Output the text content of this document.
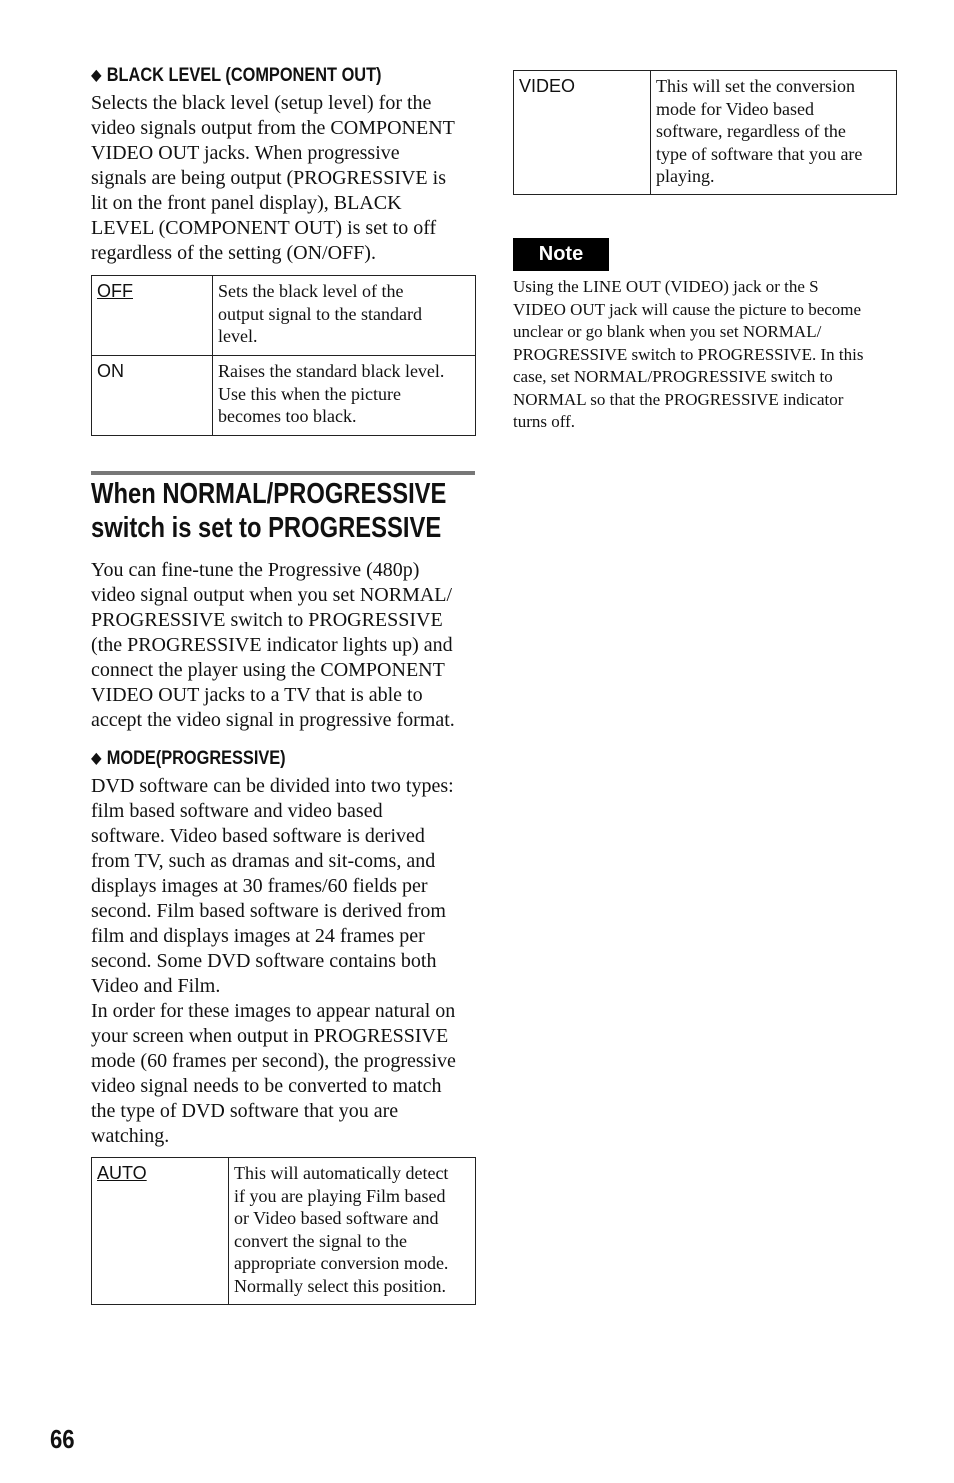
◆ BLACK LEVEL (COMPONENT OUT)
Selects the black level (setup level) for the
video signals output from the COMPONENT
VIDEO OUT jacks. When progressive
signals are being output (PROGRESSIVE is
lit on the front panel display), BLACK
LEVEL (COMPONENT OUT) is set to off
regardless of the setting (ON/OFF).
OFF	Sets the black level of the
output signal to the standard
level.

ON	Raises the standard black level.
Use this when the picture
becomes too black.
When NORMAL/PROGRESSIVE
switch is set to PROGRESSIVE
You can fine-tune the Progressive (480p)
video signal output when you set NORMAL/
PROGRESSIVE switch to PROGRESSIVE
(the PROGRESSIVE indicator lights up) and
connect the player using the COMPONENT
VIDEO OUT jacks to a TV that is able to
accept the video signal in progressive format.
◆ MODE(PROGRESSIVE)
DVD software can be divided into two types:
film based software and video based
software. Video based software is derived
from TV, such as dramas and sit-coms, and
displays images at 30 frames/60 fields per
second. Film based software is derived from
film and displays images at 24 frames per
second. Some DVD software contains both
Video and Film.
In order for these images to appear natural on
your screen when output in PROGRESSIVE
mode (60 frames per second), the progressive
video signal needs to be converted to match
the type of DVD software that you are
watching.
AUTO	This will automatically detect
if you are playing Film based
or Video based software and
convert the signal to the
appropriate conversion mode.
Normally select this position.
VIDEO	This will set the conversion
mode for Video based
software, regardless of the
type of software that you are
playing.
Note
Using the LINE OUT (VIDEO) jack or the S
VIDEO OUT jack will cause the picture to become
unclear or go blank when you set NORMAL/
PROGRESSIVE switch to PROGRESSIVE. In this
case, set NORMAL/PROGRESSIVE switch to
NORMAL so that the PROGRESSIVE indicator
turns off.
66
